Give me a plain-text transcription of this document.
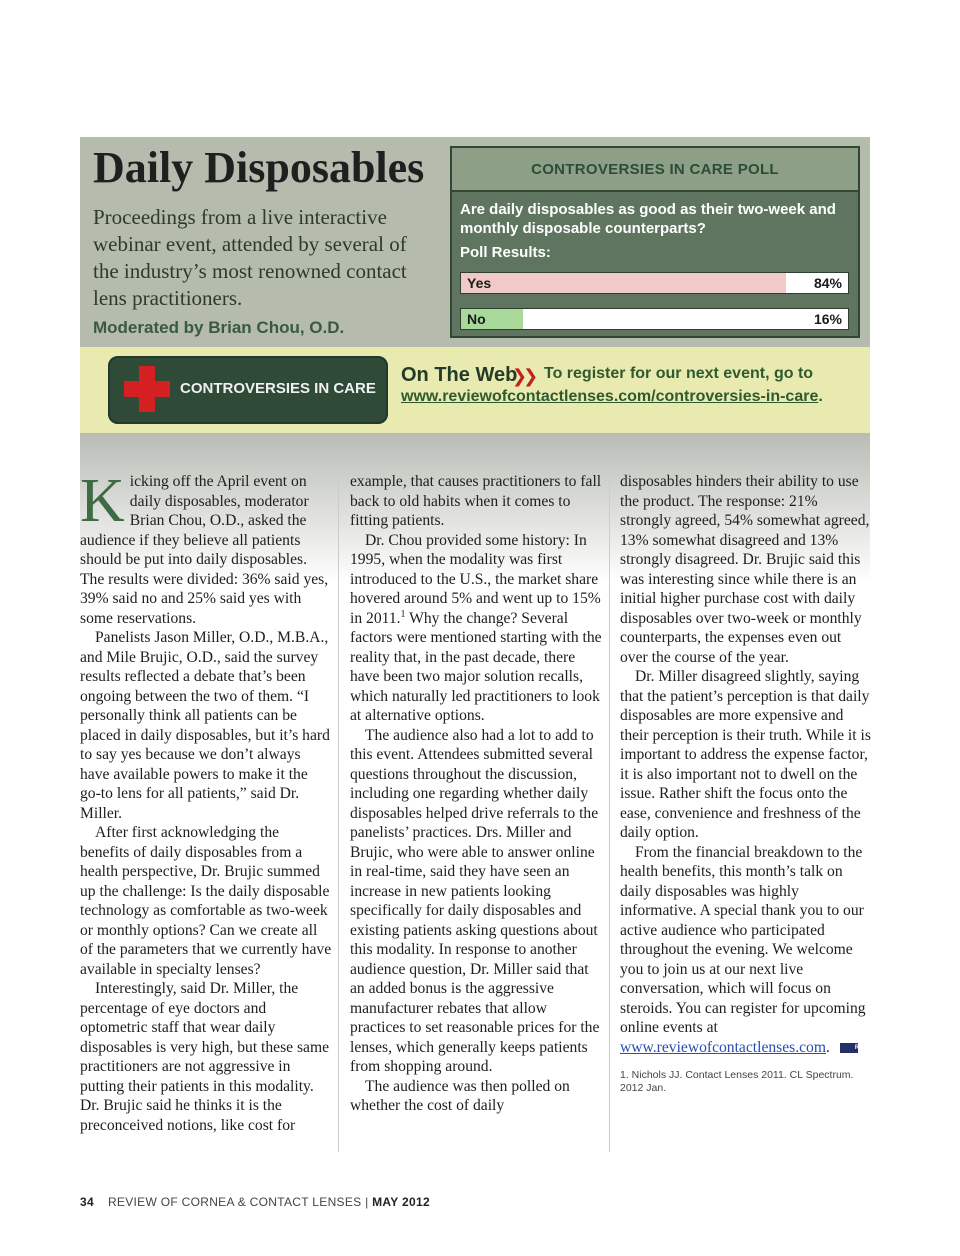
Daily Disposables

Proceedings from a live interactive webinar event, attended by several of the industry’s most renowned contact lens practitioners.

Moderated by Brian Chou, O.D.

CONTROVERSIES IN CARE POLL
Are daily disposables as good as their two-week and monthly disposable counterparts?
Poll Results:
Yes	84%
No	16%
CONTROVERSIES IN CARE
On The Web
❯❯ To register for our next event, go to
www.reviewofcontactlenses.com/controversies-in-care.

Kicking off the April event on daily disposables, moderator Brian Chou, O.D., asked the audience if they believe all patients should be put into daily disposables. The results were divided: 36% said yes, 39% said no and 25% said yes with some reservations.

Panelists Jason Miller, O.D., M.B.A., and Mile Brujic, O.D., said the survey results reflected a debate that’s been ongoing between the two of them. “I personally think all patients can be placed in daily disposables, but it’s hard to say yes because we don’t always have available powers to make it the go-to lens for all patients,” said Dr. Miller.

After first acknowledging the benefits of daily disposables from a health perspective, Dr. Brujic summed up the challenge: Is the daily disposable technology as comfortable as two-week or monthly options? Can we create all of the parameters that we currently have available in specialty lenses?

Interestingly, said Dr. Miller, the percentage of eye doctors and optometric staff that wear daily disposables is very high, but these same practitioners are not aggressive in putting their patients in this modality. Dr. Brujic said he thinks it is the preconceived notions, like cost for

example, that causes practitioners to fall back to old habits when it comes to fitting patients.

Dr. Chou provided some history: In 1995, when the modality was first introduced to the U.S., the market share hovered around 5% and went up to 15% in 2011.$^1$ Why the change? Several factors were mentioned starting with the reality that, in the past decade, there have been two major solution recalls, which naturally led practitioners to look at alternative options.

The audience also had a lot to add to this event. Attendees submitted several questions throughout the discussion, including one regarding whether daily disposables helped drive referrals to the panelists’ practices. Drs. Miller and Brujic, who were able to answer online in real-time, said they have seen an increase in new patients looking specifically for daily disposables and existing patients asking questions about this modality. In response to another audience question, Dr. Miller said that an added bonus is the aggressive manufacturer rebates that allow practices to set reasonable prices for the lenses, which generally keeps patients from shopping around.

The audience was then polled on whether the cost of daily

disposables hinders their ability to use the product. The response: 21% strongly agreed, 54% somewhat agreed, 13% somewhat disagreed and 13% strongly disagreed. Dr. Brujic said this was interesting since while there is an initial higher purchase cost with daily disposables over two-week or monthly counterparts, the expenses even out over the course of the year.

Dr. Miller disagreed slightly, saying that the patient’s perception is that daily disposables are more expensive and their perception is their truth. While it is important to address the expense factor, it is also important not to dwell on the issue. Rather shift the focus onto the ease, convenience and freshness of the daily option.

From the financial breakdown to the health benefits, this month’s talk on daily disposables was highly informative. A special thank you to our active audience who participated throughout the evening. We welcome you to join us at our next live conversation, which will focus on steroids. You can register for upcoming online events at www.reviewofcontactlenses.com.	RCCL

1. Nichols JJ. Contact Lenses 2011. CL Spectrum. 2012 Jan.
34 REVIEW OF CORNEA & CONTACT LENSES | MAY 2012
